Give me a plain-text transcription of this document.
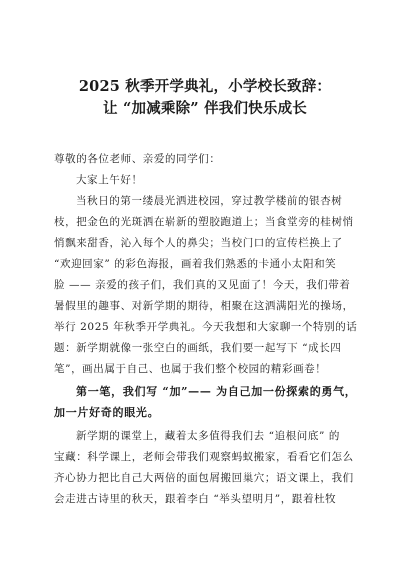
2025 秋季开学典礼，小学校长致辞：
让 “加减乘除” 伴我们快乐成长
尊敬的各位老师、亲爱的同学们：
大家上午好！
当秋日的第一缕晨光洒进校园，穿过教学楼前的银杏树
枝，把金色的光斑洒在崭新的塑胶跑道上；当食堂旁的桂树悄
悄飘来甜香，沁入每个人的鼻尖；当校门口的宣传栏换上了
“欢迎回家” 的彩色海报，画着我们熟悉的卡通小太阳和笑
脸 —— 亲爱的孩子们，我们真的又见面了！今天，我们带着
暑假里的趣事、对新学期的期待，相聚在这洒满阳光的操场，
举行 2025 年秋季开学典礼。今天我想和大家聊一个特别的话
题：新学期就像一张空白的画纸，我们要一起写下 “成长四
笔”，画出属于自己、也属于我们整个校园的精彩画卷！
第一笔，我们写 “加”—— 为自己加一份探索的勇气，
加一片好奇的眼光。
新学期的课堂上，藏着太多值得我们去 “追根问底” 的
宝藏：科学课上，老师会带我们观察蚂蚁搬家，看看它们怎么
齐心协力把比自己大两倍的面包屑搬回巢穴；语文课上，我们
会走进古诗里的秋天，跟着李白 “举头望明月”，跟着杜牧
